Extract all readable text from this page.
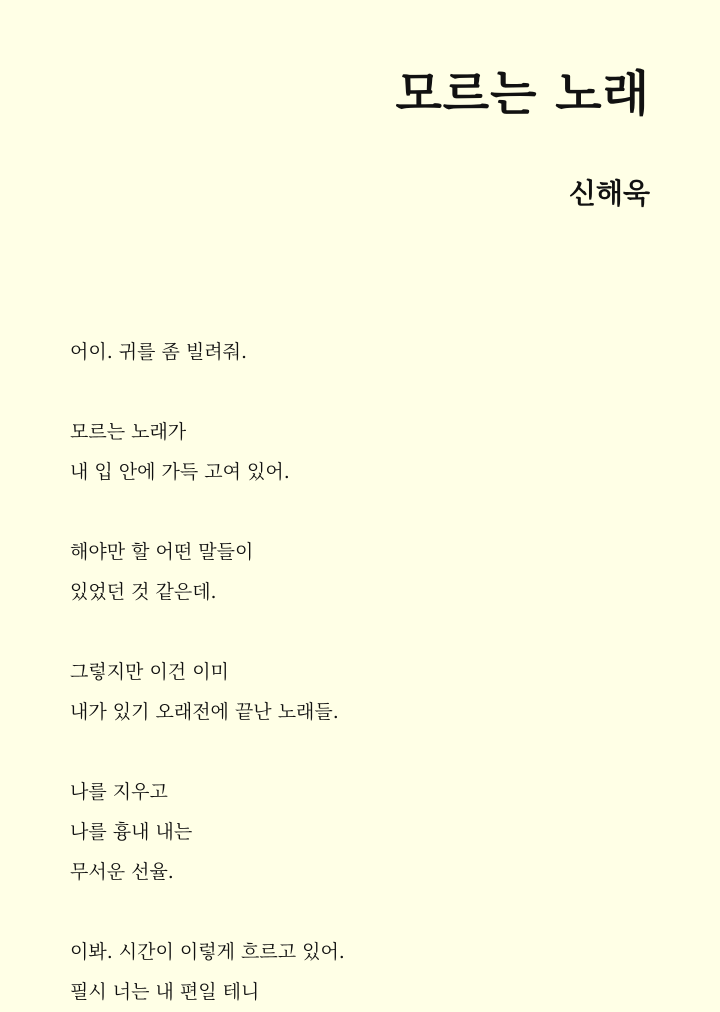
모르는 노래
신해욱
어이. 귀를 좀 빌려줘.
모르는 노래가
내 입 안에 가득 고여 있어.
해야만 할 어떤 말들이
있었던 것 같은데.
그렇지만 이건 이미
내가 있기 오래전에 끝난 노래들.
나를 지우고
나를 흉내 내는
무서운 선율.
이봐. 시간이 이렇게 흐르고 있어.
필시 너는 내 편일 테니
